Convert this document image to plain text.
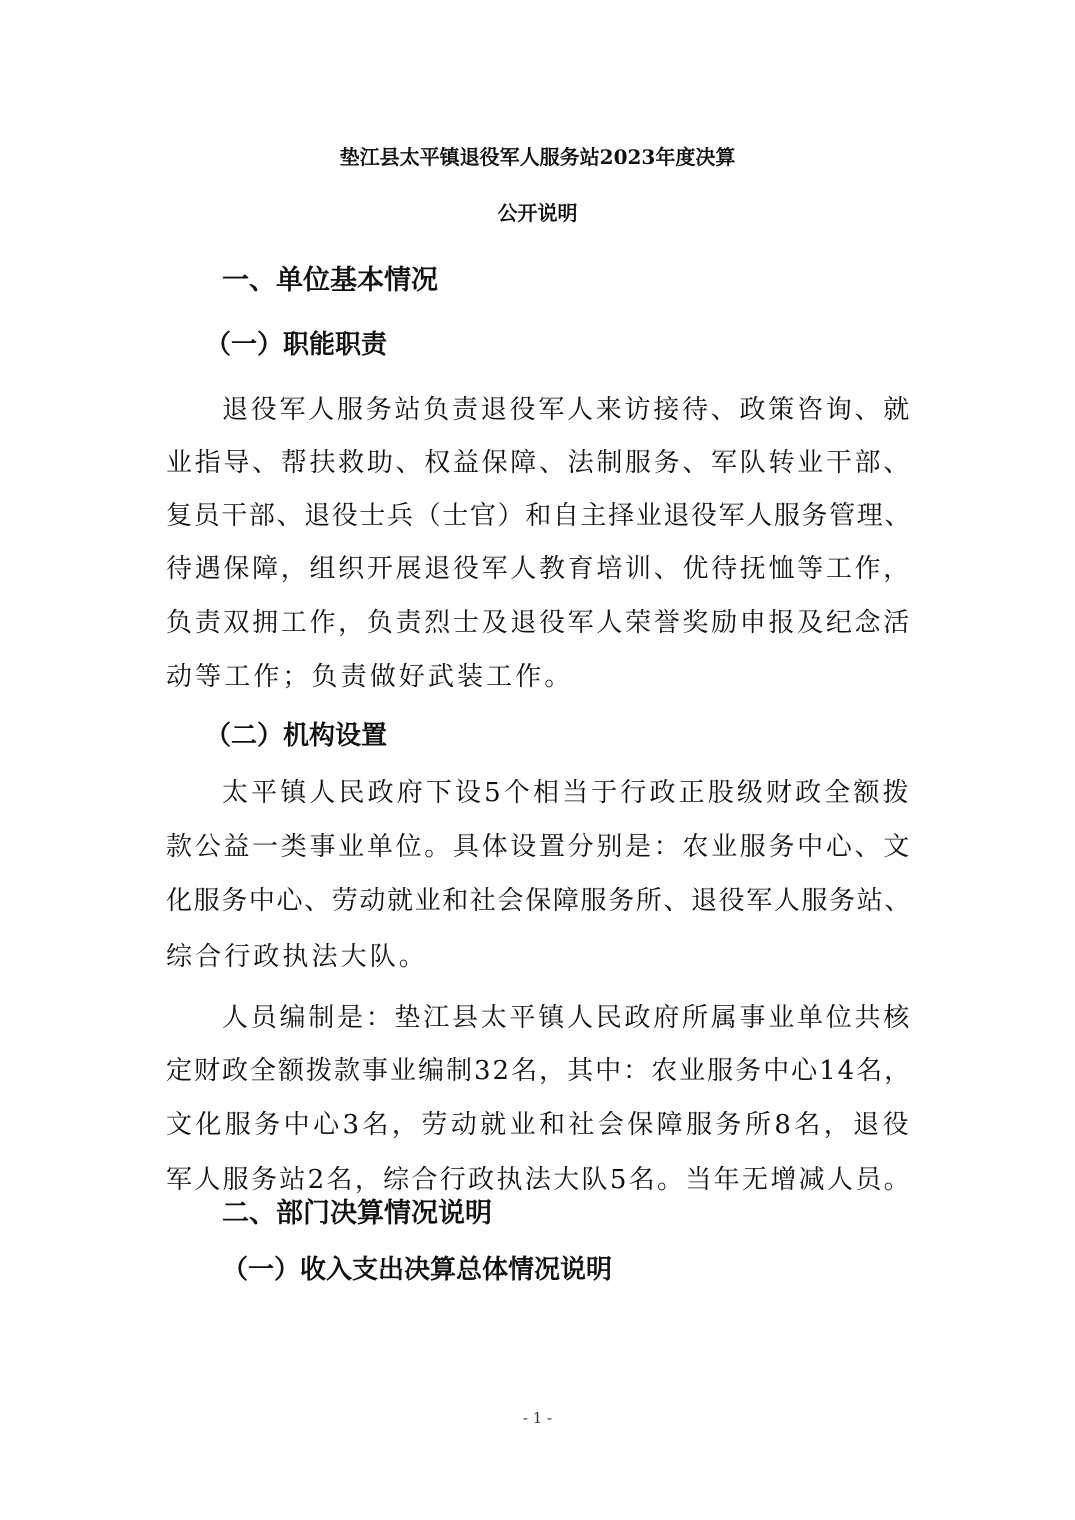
垫江县太平镇退役军人服务站2023年度决算
公开说明
一、单位基本情况
（一）职能职责
退役军人服务站负责退役军人来访接待、政策咨询、就
业指导、帮扶救助、权益保障、法制服务、军队转业干部、
复员干部、退役士兵（士官）和自主择业退役军人服务管理、
待遇保障，组织开展退役军人教育培训、优待抚恤等工作，
负责双拥工作，负责烈士及退役军人荣誉奖励申报及纪念活
动等工作；负责做好武装工作。
（二）机构设置
太平镇人民政府下设5个相当于行政正股级财政全额拨
款公益一类事业单位。具体设置分别是：农业服务中心、文
化服务中心、劳动就业和社会保障服务所、退役军人服务站、
综合行政执法大队。
人员编制是：垫江县太平镇人民政府所属事业单位共核
定财政全额拨款事业编制32名，其中：农业服务中心14名，
文化服务中心3名，劳动就业和社会保障服务所8名，退役
军人服务站2名，综合行政执法大队5名。当年无增减人员。
二、部门决算情况说明
（一）收入支出决算总体情况说明
- 1 -
